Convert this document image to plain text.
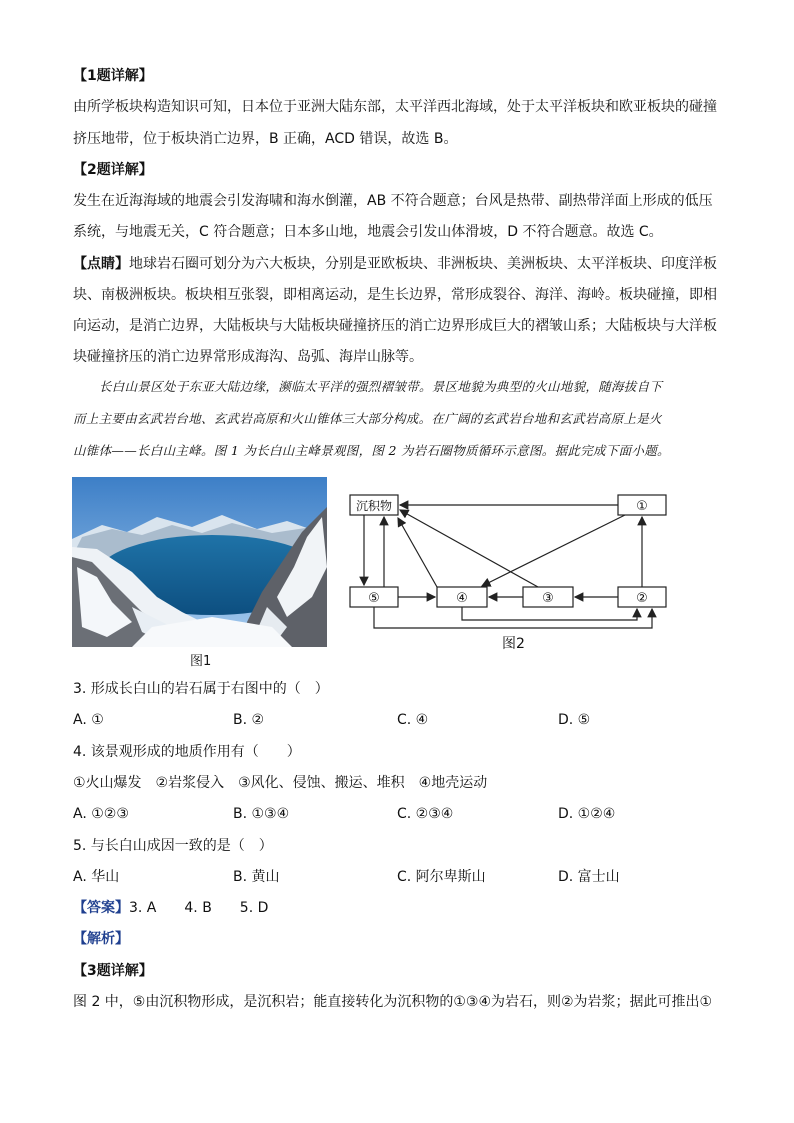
【1题详解】
由所学板块构造知识可知，日本位于亚洲大陆东部，太平洋西北海域，处于太平洋板块和欧亚板块的碰撞
挤压地带，位于板块消亡边界，B 正确，ACD 错误，故选 B。
【2题详解】
发生在近海海域的地震会引发海啸和海水倒灌，AB 不符合题意；台风是热带、副热带洋面上形成的低压
系统，与地震无关，C 符合题意；日本多山地，地震会引发山体滑坡，D 不符合题意。故选 C。
【点睛】地球岩石圈可划分为六大板块，分别是亚欧板块、非洲板块、美洲板块、太平洋板块、印度洋板
块、南极洲板块。板块相互张裂，即相离运动，是生长边界，常形成裂谷、海洋、海岭。板块碰撞，即相
向运动，是消亡边界，大陆板块与大陆板块碰撞挤压的消亡边界形成巨大的褶皱山系；大陆板块与大洋板
块碰撞挤压的消亡边界常形成海沟、岛弧、海岸山脉等。
长白山景区处于东亚大陆边缘，濒临太平洋的强烈褶皱带。景区地貌为典型的火山地貌，随海拔自下
而上主要由玄武岩台地、玄武岩高原和火山锥体三大部分构成。在广阔的玄武岩台地和玄武岩高原上是火
山锥体——长白山主峰。图 1 为长白山主峰景观图，图 2 为岩石圈物质循环示意图。据此完成下面小题。
图1
沉积物	①
⑤	④	③	②
图2
3. 形成长白山的岩石属于右图中的（　）
A. ①	B. ②	C. ④	D. ⑤
4. 该景观形成的地质作用有（　　）
①火山爆发　②岩浆侵入　③风化、侵蚀、搬运、堆积　④地壳运动
A. ①②③	B. ①③④	C. ②③④	D. ①②④
5. 与长白山成因一致的是（　）
A. 华山	B. 黄山	C. 阿尔卑斯山	D. 富士山
【答案】3. A　　4. B　　5. D
【解析】
【3题详解】
图 2 中，⑤由沉积物形成，是沉积岩；能直接转化为沉积物的①③④为岩石，则②为岩浆；据此可推出①
